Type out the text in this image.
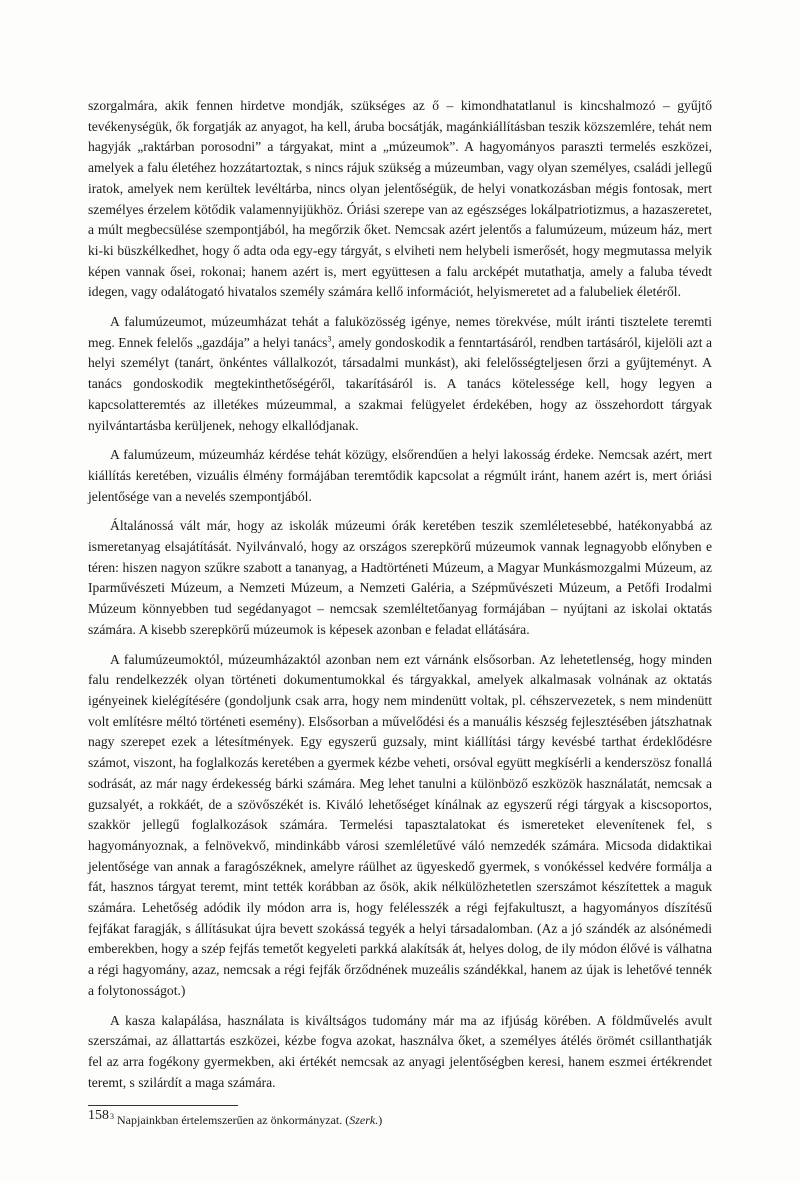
szorgalmára, akik fennen hirdetve mondják, szükséges az ő – kimondhatatlanul is kincshalmozó – gyűjtő tevékenységük, ők forgatják az anyagot, ha kell, áruba bocsátják, magánkiállításban teszik közszemlére, tehát nem hagyják „raktárban porosodni” a tárgyakat, mint a „múzeumok”. A hagyományos paraszti termelés eszközei, amelyek a falu életéhez hozzátartoztak, s nincs rájuk szükség a múzeumban, vagy olyan személyes, családi jellegű iratok, amelyek nem kerültek levéltárba, nincs olyan jelentőségük, de helyi vonatkozásban mégis fontosak, mert személyes érzelem kötődik valamennyijükhöz. Óriási szerepe van az egészséges lokálpatriotizmus, a hazaszeretet, a múlt megbecsülése szempontjából, ha megőrzik őket. Nemcsak azért jelentős a falumúzeum, múzeum ház, mert ki-ki büszkélkedhet, hogy ő adta oda egy-egy tárgyát, s elviheti nem helybeli ismerősét, hogy megmutassa melyik képen vannak ősei, rokonai; hanem azért is, mert együttesen a falu arcképét mutathatja, amely a faluba tévedt idegen, vagy odalátogató hivatalos személy számára kellő információt, helyismeretet ad a falubeliek életéről.

A falumúzeumot, múzeumházat tehát a faluközösség igénye, nemes törekvése, múlt iránti tisztelete teremti meg. Ennek felelős „gazdája” a helyi tanács$^3$, amely gondoskodik a fenntartásáról, rendben tartásáról, kijelöli azt a helyi személyt (tanárt, önkéntes vállalkozót, társadalmi munkást), aki felelősségteljesen őrzi a gyűjteményt. A tanács gondoskodik megtekinthetőségéről, takarításáról is. A tanács kötelessége kell, hogy legyen a kapcsolatteremtés az illetékes múzeummal, a szakmai felügyelet érdekében, hogy az összehordott tárgyak nyilvántartásba kerüljenek, nehogy elkallódjanak.

A falumúzeum, múzeumház kérdése tehát közügy, elsőrendűen a helyi lakosság érdeke. Nemcsak azért, mert kiállítás keretében, vizuális élmény formájában teremtődik kapcsolat a régmúlt iránt, hanem azért is, mert óriási jelentősége van a nevelés szempontjából.

Általánossá vált már, hogy az iskolák múzeumi órák keretében teszik szemléletesebbé, hatékonyabbá az ismeretanyag elsajátítását. Nyilvánvaló, hogy az országos szerepkörű múzeumok vannak legnagyobb előnyben e téren: hiszen nagyon szűkre szabott a tananyag, a Hadtörténeti Múzeum, a Magyar Munkásmozgalmi Múzeum, az Iparművészeti Múzeum, a Nemzeti Múzeum, a Nemzeti Galéria, a Szépművészeti Múzeum, a Petőfi Irodalmi Múzeum könnyebben tud segédanyagot – nemcsak szemléltetőanyag formájában – nyújtani az iskolai oktatás számára. A kisebb szerepkörű múzeumok is képesek azonban e feladat ellátására.

A falumúzeumoktól, múzeumházaktól azonban nem ezt várnánk elsősorban. Az lehetetlenség, hogy minden falu rendelkezzék olyan történeti dokumentumokkal és tárgyakkal, amelyek alkalmasak volnának az oktatás igényeinek kielégítésére (gondoljunk csak arra, hogy nem mindenütt voltak, pl. céhszervezetek, s nem mindenütt volt említésre méltó történeti esemény). Elsősorban a művelődési és a manuális készség fejlesztésében játszhatnak nagy szerepet ezek a létesítmények. Egy egyszerű guzsaly, mint kiállítási tárgy kevésbé tarthat érdeklődésre számot, viszont, ha foglalkozás keretében a gyermek kézbe veheti, orsóval együtt megkísérli a kenderszösz fonallá sodrását, az már nagy érdekesség bárki számára. Meg lehet tanulni a különböző eszközök használatát, nemcsak a guzsalyét, a rokkáét, de a szövőszékét is. Kiváló lehetőséget kínálnak az egyszerű régi tárgyak a kiscsoportos, szakkör jellegű foglalkozások számára. Termelési tapasztalatokat és ismereteket elevenítenek fel, s hagyományoznak, a felnövekvő, mindinkább városi szemléletűvé váló nemzedék számára. Micsoda didaktikai jelentősége van annak a faragószéknek, amelyre ráülhet az ügyeskedő gyermek, s vonókéssel kedvére formálja a fát, hasznos tárgyat teremt, mint tették korábban az ősök, akik nélkülözhetetlen szerszámot készítettek a maguk számára. Lehetőség adódik ily módon arra is, hogy felélesszék a régi fejfakultuszt, a hagyományos díszítésű fejfákat faragják, s állításukat újra bevett szokássá tegyék a helyi társadalomban. (Az a jó szándék az alsónémedi emberekben, hogy a szép fejfás temetőt kegyeleti parkká alakítsák át, helyes dolog, de ily módon élővé is válhatna a régi hagyomány, azaz, nemcsak a régi fejfák őrződnének muzeális szándékkal, hanem az újak is lehetővé tennék a folytonosságot.)

A kasza kalapálása, használata is kiváltságos tudomány már ma az ifjúság körében. A földművelés avult szerszámai, az állattartás eszközei, kézbe fogva azokat, használva őket, a személyes átélés örömét csillanthatják fel az arra fogékony gyermekben, aki értékét nemcsak az anyagi jelentőségben keresi, hanem eszmei értékrendet teremt, s szilárdít a maga számára.

$^3$ Napjainkban értelemszerűen az önkormányzat. (Szerk.)

158
